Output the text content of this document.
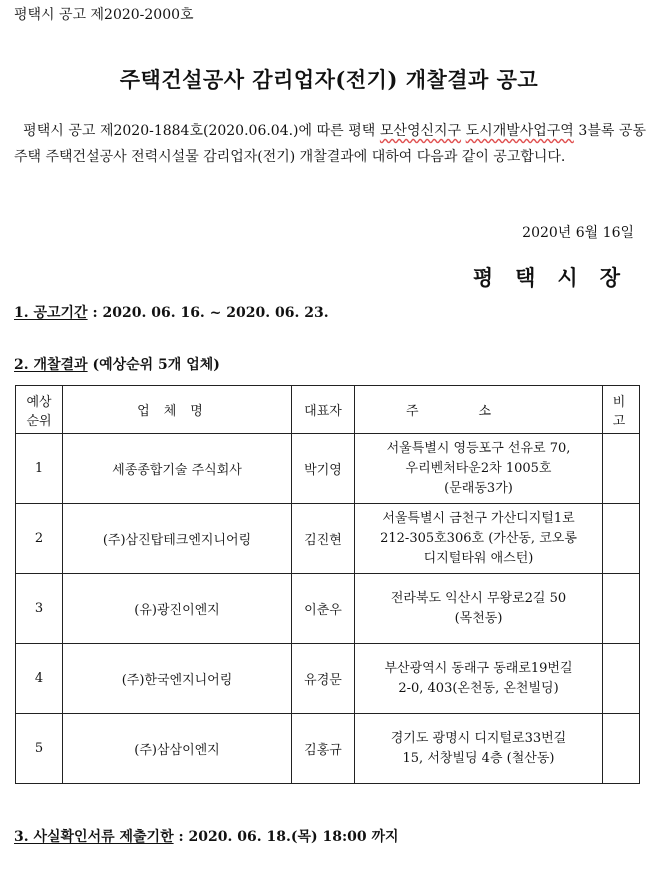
평택시 공고 제2020-2000호
주택건설공사 감리업자(전기) 개찰결과 공고
평택시 공고 제2020-1884호(2020.06.04.)에 따른 평택 모산영신지구 도시개발사업구역 3블록 공동주택 주택건설공사 전력시설물 감리업자(전기) 개찰결과에 대하여 다음과 같이 공고합니다.
2020년 6월 16일
평택시장
1. 공고기간 : 2020. 06. 16. ~ 2020. 06. 23.
2. 개찰결과 (예상순위 5개 업체)
예상
순위	업체명	대표자	주소	비고
1	세종종합기술 주식회사	박기영	서울특별시 영등포구 선유로 70,
우리벤처타운2차 1005호
(문래동3가)	
2	(주)삼진탑테크엔지니어링	김진현	서울특별시 금천구 가산디지털1로
212-305호306호 (가산동, 코오롱
디지털타워 애스턴)	
3	(유)광진이엔지	이춘우	전라북도 익산시 무왕로2길 50
(목천동)	
4	(주)한국엔지니어링	유경문	부산광역시 동래구 동래로19번길
2-0, 403(온천동, 온천빌딩)	
5	(주)삼삼이엔지	김홍규	경기도 광명시 디지털로33번길
15, 서창빌딩 4층 (철산동)	
3. 사실확인서류 제출기한 : 2020. 06. 18.(목) 18:00 까지
